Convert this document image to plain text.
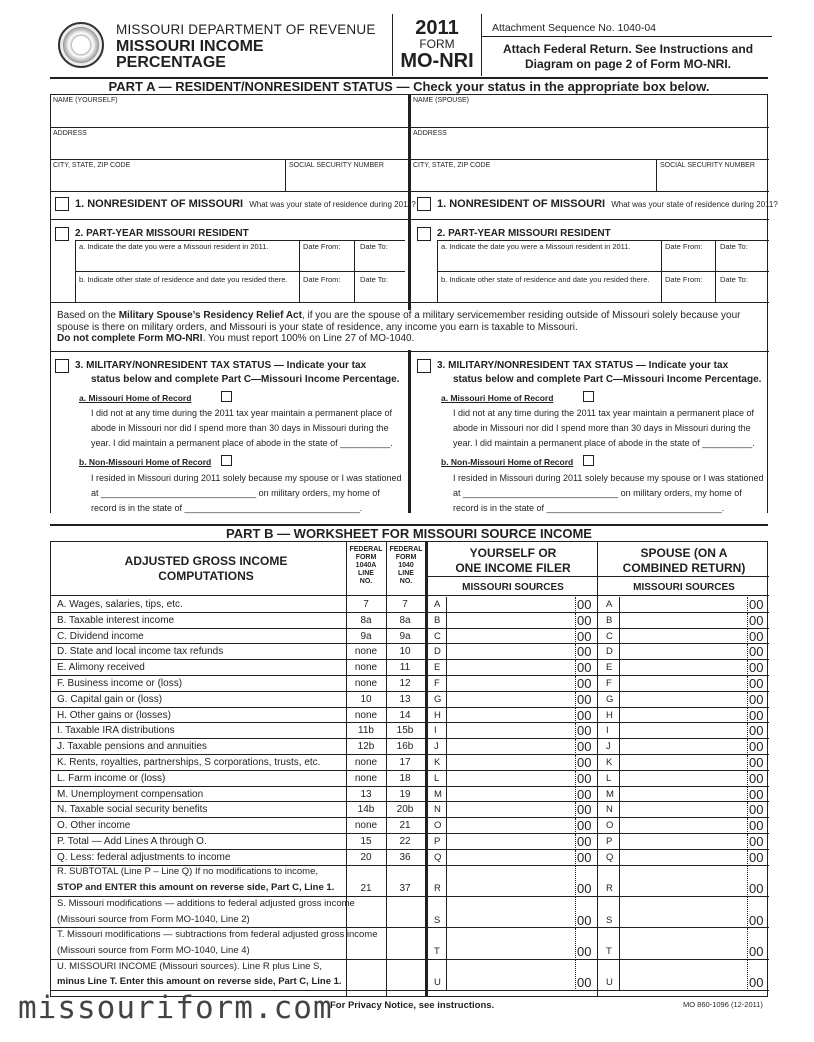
MISSOURI DEPARTMENT OF REVENUE
MISSOURI INCOME
PERCENTAGE
2011
FORM
MO-NRI
Attachment Sequence No. 1040-04
Attach Federal Return. See Instructions and Diagram on page 2 of Form MO-NRI.
PART A — RESIDENT/NONRESIDENT STATUS — Check your status in the appropriate box below.
NAME (YOURSELF)	NAME (SPOUSE)
ADDRESS	ADDRESS
CITY, STATE, ZIP CODE	SOCIAL SECURITY NUMBER	CITY, STATE, ZIP CODE	SOCIAL SECURITY NUMBER
1. NONRESIDENT OF MISSOURI What was your state of residence during 2011? 1. NONRESIDENT OF MISSOURI What was your state of residence during 2011?
2. PART-YEAR MISSOURI RESIDENT
a. Indicate the date you were a Missouri resident in 2011.	Date From:	Date To:
b. Indicate other state of residence and date you resided there. Date From:	Date To:
2. PART-YEAR MISSOURI RESIDENT
a. Indicate the date you were a Missouri resident in 2011.	Date From: Date To:
b. Indicate other state of residence and date you resided there. Date From: Date To:
Based on the Military Spouse’s Residency Relief Act, if you are the spouse of a military servicemember residing outside of Missouri solely because your spouse is there on military orders, and Missouri is your state of residence, any income you earn is taxable to Missouri.
Do not complete Form MO-NRI. You must report 100% on Line 27 of MO-1040.
3. MILITARY/NONRESIDENT TAX STATUS — Indicate your tax
status below and complete Part C—Missouri Income Percentage.
a. Missouri Home of Record
I did not at any time during the 2011 tax year maintain a permanent place of
abode in Missouri nor did I spend more than 30 days in Missouri during the
year. I did maintain a permanent place of abode in the state of __________.
b. Non-Missouri Home of Record
I resided in Missouri during 2011 solely because my spouse or I was stationed
at _______________________________ on military orders, my home of
record is in the state of ___________________________________.
3. MILITARY/NONRESIDENT TAX STATUS — Indicate your tax
status below and complete Part C—Missouri Income Percentage.
a. Missouri Home of Record
I did not at any time during the 2011 tax year maintain a permanent place of
abode in Missouri nor did I spend more than 30 days in Missouri during the
year. I did maintain a permanent place of abode in the state of __________.
b. Non-Missouri Home of Record
I resided in Missouri during 2011 solely because my spouse or I was stationed
at _______________________________ on military orders, my home of
record is in the state of ___________________________________.
PART B — WORKSHEET FOR MISSOURI SOURCE INCOME
ADJUSTED GROSS INCOME
COMPUTATIONS
FEDERAL
FORM
1040A
LINE
NO.
FEDERAL
FORM
1040
LINE
NO.
YOURSELF OR
ONE INCOME FILER
MISSOURI SOURCES
SPOUSE (ON A
COMBINED RETURN)
MISSOURI SOURCES
A. Wages, salaries, tips, etc.	7	7	A	00 A	00
B. Taxable interest income	8a	8a	B	00 B	00
C. Dividend income	9a	9a	C	00 C	00
D. State and local income tax refunds	none	10	D	00 D	00
E. Alimony received	none	11	E	00 E	00
F. Business income or (loss)	none	12	F	00 F	00
G. Capital gain or (loss)	10	13	G	00 G	00
H. Other gains or (losses)	none	14	H	00 H	00
I. Taxable IRA distributions	11b	15b	I	00 I	00
J. Taxable pensions and annuities	12b	16b	J	00 J	00
K. Rents, royalties, partnerships, S corporations, trusts, etc.	none	17	K	00 K	00
L. Farm income or (loss)	none	18	L	00 L	00
M. Unemployment compensation	13	19	M	00 M	00
N. Taxable social security benefits	14b	20b	N	00 N	00
O. Other income	none	21	O	00 O	00
P. Total — Add Lines A through O.	15	22	P	00 P	00
Q. Less: federal adjustments to income	20	36	Q	00 Q	00
R. SUBTOTAL (Line P – Line Q) If no modifications to income,
STOP and ENTER this amount on reverse side, Part C, Line 1.	21	37	R	00 R	00
S. Missouri modifications — additions to federal adjusted gross income
(Missouri source from Form MO-1040, Line 2)	S	00 S	00
T. Missouri modifications — subtractions from federal adjusted gross income
(Missouri source from Form MO-1040, Line 4)	T	00 T	00
U. MISSOURI INCOME (Missouri sources). Line R plus Line S,
minus Line T. Enter this amount on reverse side, Part C, Line 1.	U	00 U	00
missouriform.com
For Privacy Notice, see instructions.	MO 860-1096 (12-2011)
